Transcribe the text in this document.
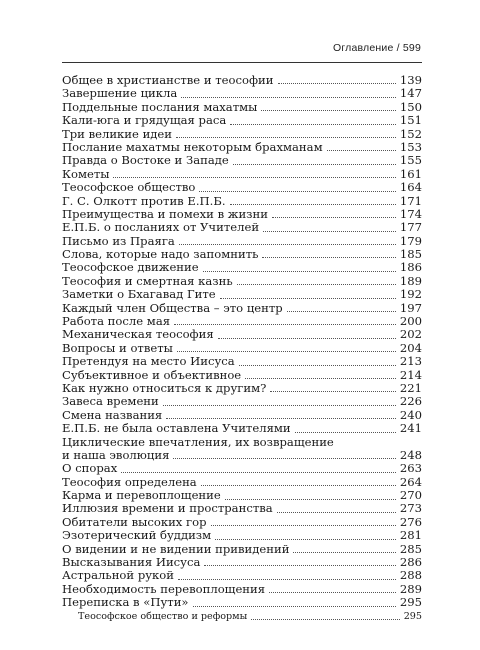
Оглавление / 599
Общее в христианстве и теософии	139
Завершение цикла	147
Поддельные послания махатмы	150
Кали-юга и грядущая раса	151
Три великие идеи	152
Послание махатмы некоторым брахманам	153
Правда о Востоке и Западе	155
Кометы	161
Теософское общество	164
Г. С. Олкотт против Е.П.Б.	171
Преимущества и помехи в жизни	174
Е.П.Б. о посланиях от Учителей	177
Письмо из Праяга	179
Слова, которые надо запомнить	185
Теософское движение	186
Теософия и смертная казнь	189
Заметки о Бхагавад Гите	192
Каждый член Общества – это центр	197
Работа после мая	200
Механическая теософия	202
Вопросы и ответы	204
Претендуя на место Иисуса	213
Субъективное и объективное	214
Как нужно относиться к другим?	221
Завеса времени	226
Смена названия	240
Е.П.Б. не была оставлена Учителями	241
Циклические впечатления, их возвращение
и наша эволюция	248
О спорах	263
Теософия определена	264
Карма и перевоплощение	270
Иллюзия времени и пространства	273
Обитатели высоких гор	276
Эзотерический буддизм	281
О видении и не видении привидений	285
Высказывания Иисуса	286
Астральной рукой	288
Необходимость перевоплощения	289
Переписка в «Пути»	295
Теософское общество и реформы	295
